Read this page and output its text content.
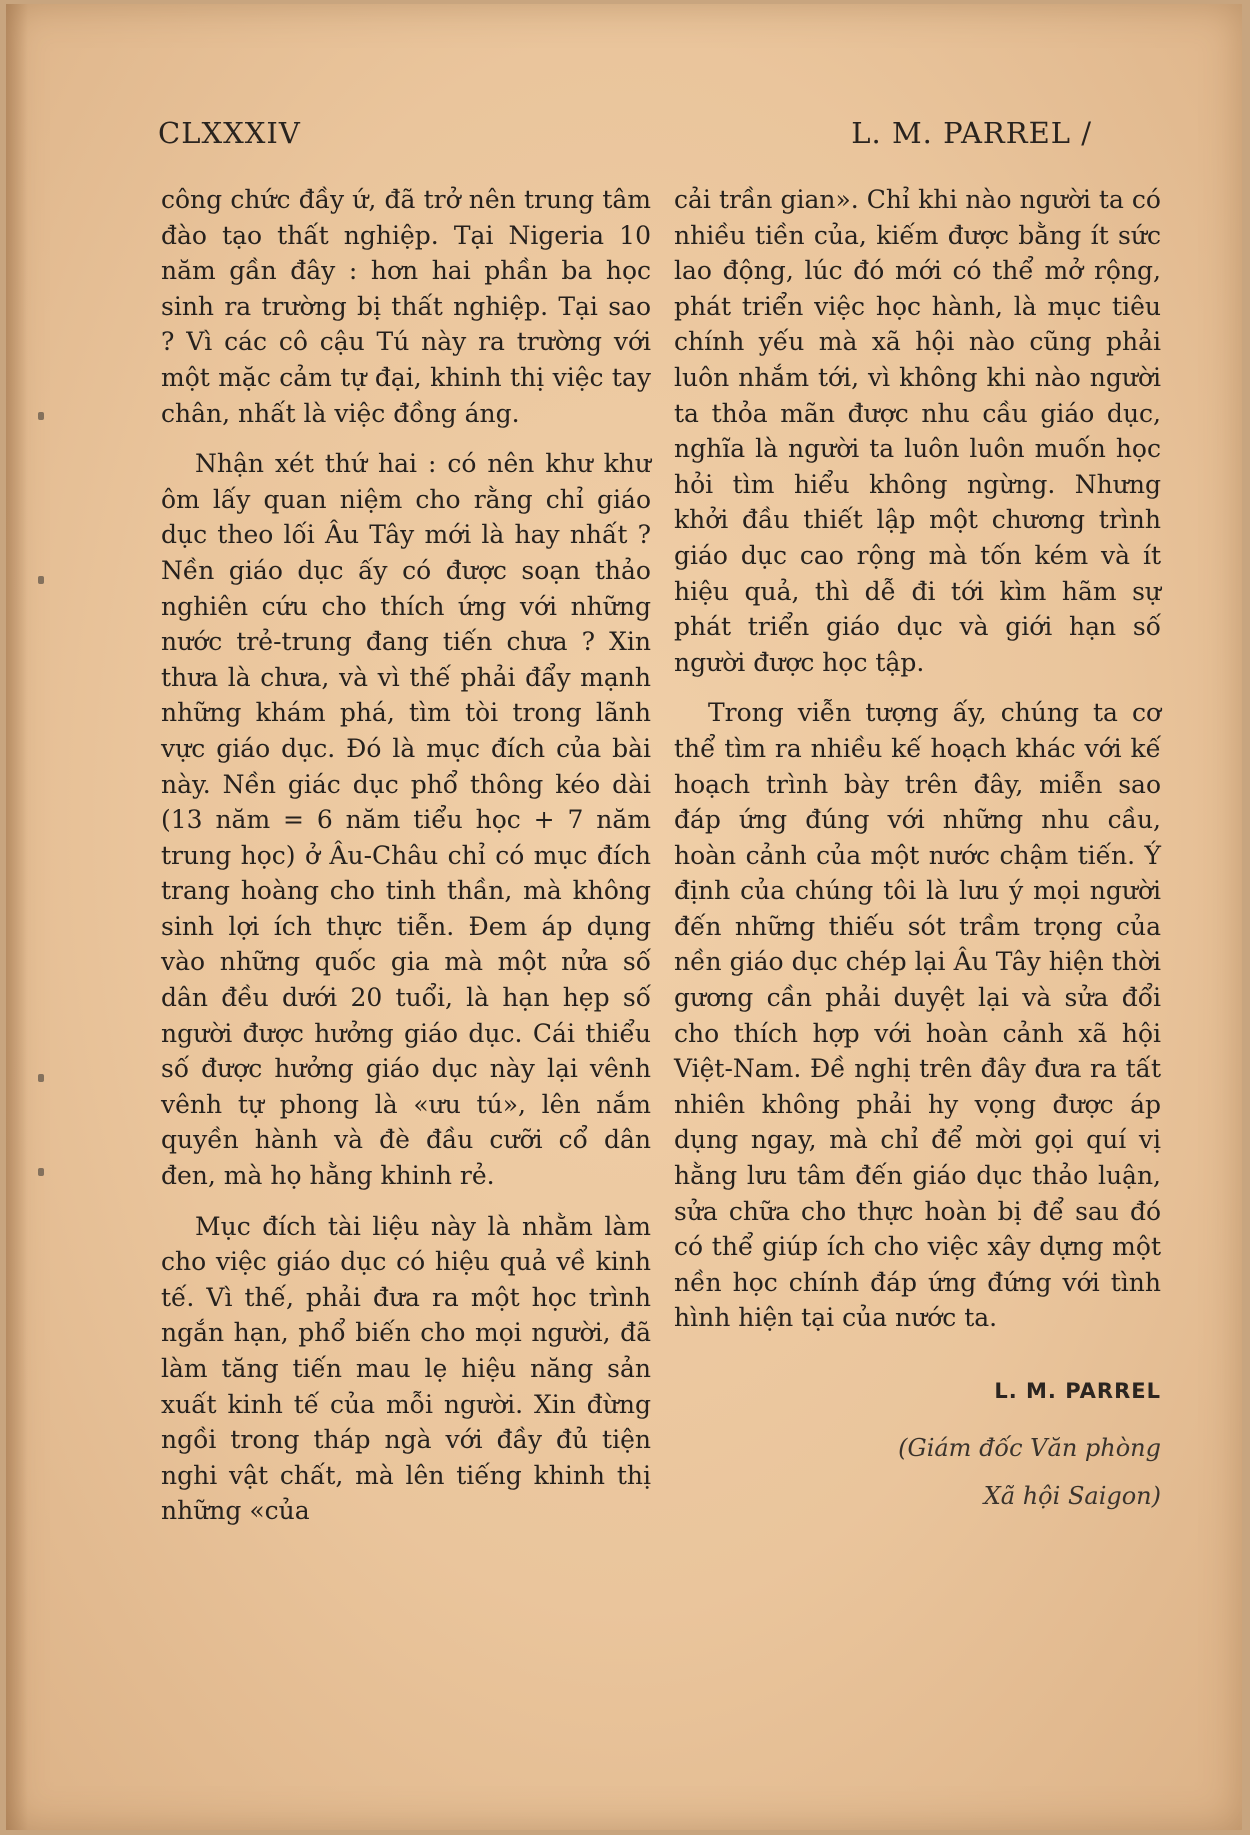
CLXXXIV	L. M. PARREL /

công chức đầy ứ, đã trở nên trung tâm đào tạo thất nghiệp. Tại Nigeria 10 năm gần đây : hơn hai phần ba học sinh ra trường bị thất nghiệp. Tại sao ? Vì các cô cậu Tú này ra trường với một mặc cảm tự đại, khinh thị việc tay chân, nhất là việc đồng áng.

Nhận xét thứ hai : có nên khư khư ôm lấy quan niệm cho rằng chỉ giáo dục theo lối Âu Tây mới là hay nhất ? Nền giáo dục ấy có được soạn thảo nghiên cứu cho thích ứng với những nước trẻ-trung đang tiến chưa ? Xin thưa là chưa, và vì thế phải đẩy mạnh những khám phá, tìm tòi trong lãnh vực giáo dục. Đó là mục đích của bài này. Nền giác dục phổ thông kéo dài (13 năm = 6 năm tiểu học + 7 năm trung học) ở Âu-Châu chỉ có mục đích trang hoàng cho tinh thần, mà không sinh lợi ích thực tiễn. Đem áp dụng vào những quốc gia mà một nửa số dân đều dưới 20 tuổi, là hạn hẹp số người được hưởng giáo dục. Cái thiểu số được hưởng giáo dục này lại vênh vênh tự phong là «ưu tú», lên nắm quyền hành và đè đầu cưỡi cổ dân đen, mà họ hằng khinh rẻ.

Mục đích tài liệu này là nhằm làm cho việc giáo dục có hiệu quả về kinh tế. Vì thế, phải đưa ra một học trình ngắn hạn, phổ biến cho mọi người, đã làm tăng tiến mau lẹ hiệu năng sản xuất kinh tế của mỗi người. Xin đừng ngồi trong tháp ngà với đầy đủ tiện nghi vật chất, mà lên tiếng khinh thị những «của

cải trần gian». Chỉ khi nào người ta có nhiều tiền của, kiếm được bằng ít sức lao động, lúc đó mới có thể mở rộng, phát triển việc học hành, là mục tiêu chính yếu mà xã hội nào cũng phải luôn nhắm tới, vì không khi nào người ta thỏa mãn được nhu cầu giáo dục, nghĩa là người ta luôn luôn muốn học hỏi tìm hiểu không ngừng. Nhưng khởi đầu thiết lập một chương trình giáo dục cao rộng mà tốn kém và ít hiệu quả, thì dễ đi tới kìm hãm sự phát triển giáo dục và giới hạn số người được học tập.

Trong viễn tượng ấy, chúng ta cơ thể tìm ra nhiều kế hoạch khác với kế hoạch trình bày trên đây, miễn sao đáp ứng đúng với những nhu cầu, hoàn cảnh của một nước chậm tiến. Ý định của chúng tôi là lưu ý mọi người đến những thiếu sót trầm trọng của nền giáo dục chép lại Âu Tây hiện thời gương cần phải duyệt lại và sửa đổi cho thích hợp với hoàn cảnh xã hội Việt-Nam. Đề nghị trên đây đưa ra tất nhiên không phải hy vọng được áp dụng ngay, mà chỉ để mời gọi quí vị hằng lưu tâm đến giáo dục thảo luận, sửa chữa cho thực hoàn bị để sau đó có thể giúp ích cho việc xây dựng một nền học chính đáp ứng đứng với tình hình hiện tại của nước ta.

L. M. PARREL
(Giám đốc Văn phòng
Xã hội Saigon)
